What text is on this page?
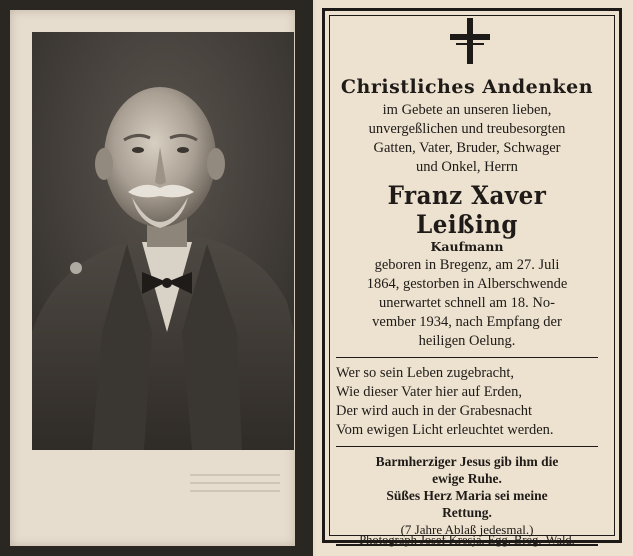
Christliches Andenken
im Gebete an unseren lieben,
unvergeßlichen und treubesorgten
Gatten, Vater, Bruder, Schwager
und Onkel, Herrn
Franz Xaver Leißing
Kaufmann
geboren in Bregenz, am 27. Juli
1864, gestorben in Alberschwende
unerwartet schnell am 18. No-
vember 1934, nach Empfang der
heiligen Oelung.
Wer so sein Leben zugebracht,
Wie dieser Vater hier auf Erden,
Der wird auch in der Grabesnacht
Vom ewigen Licht erleuchtet werden.
Barmherziger Jesus gib ihm die
ewige Ruhe.
Süßes Herz Maria sei meine
Rettung.
(7 Jahre Ablaß jedesmal.)
Photograph Josef Kresja, Egg, Breg.-Wald.
